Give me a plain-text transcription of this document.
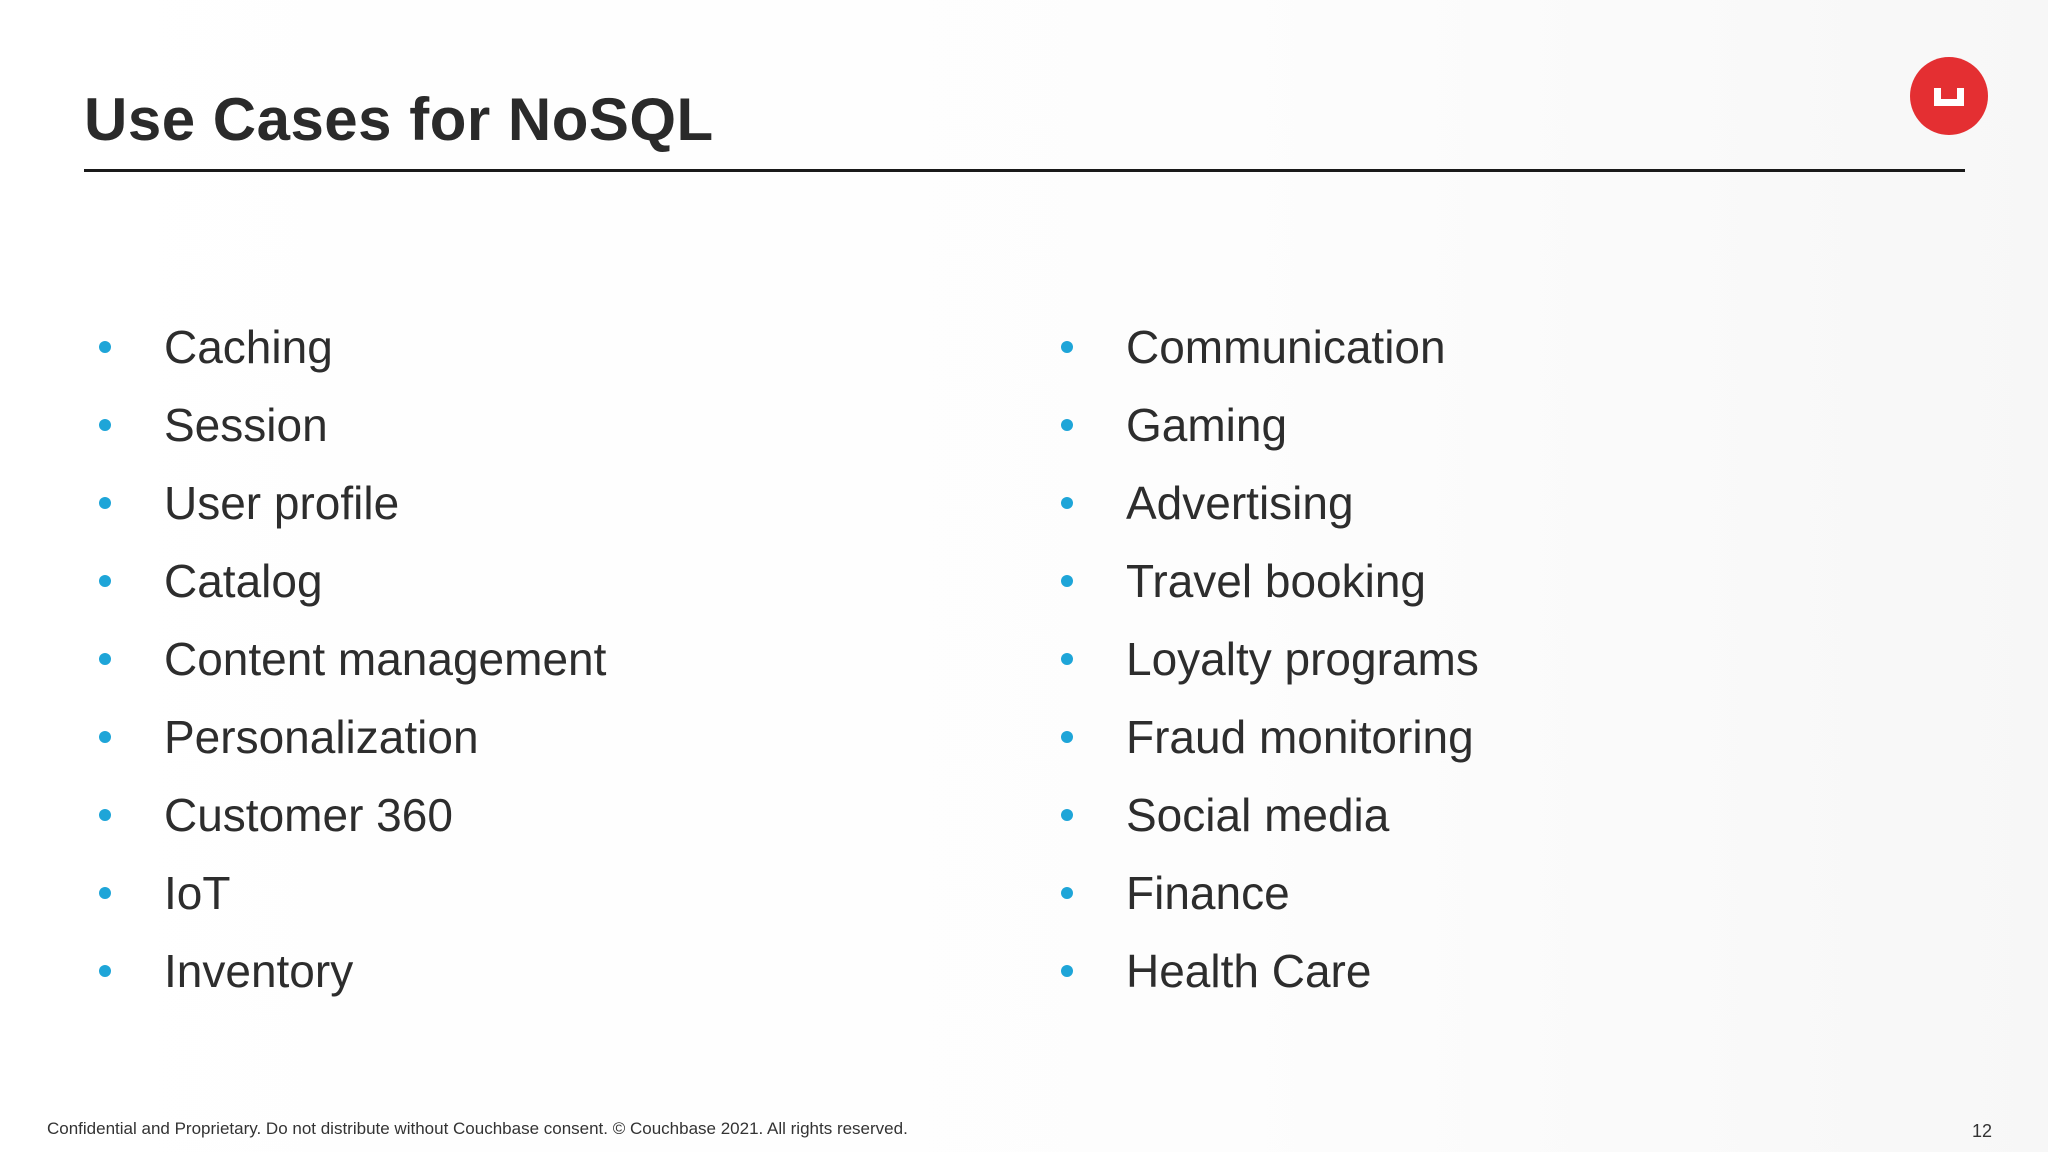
Use Cases for NoSQL
Caching
Session
User profile
Catalog
Content management
Personalization
Customer 360
IoT
Inventory
Communication
Gaming
Advertising
Travel booking
Loyalty programs
Fraud monitoring
Social media
Finance
Health Care
Confidential and Proprietary. Do not distribute without Couchbase consent. © Couchbase 2021. All rights reserved.	12
